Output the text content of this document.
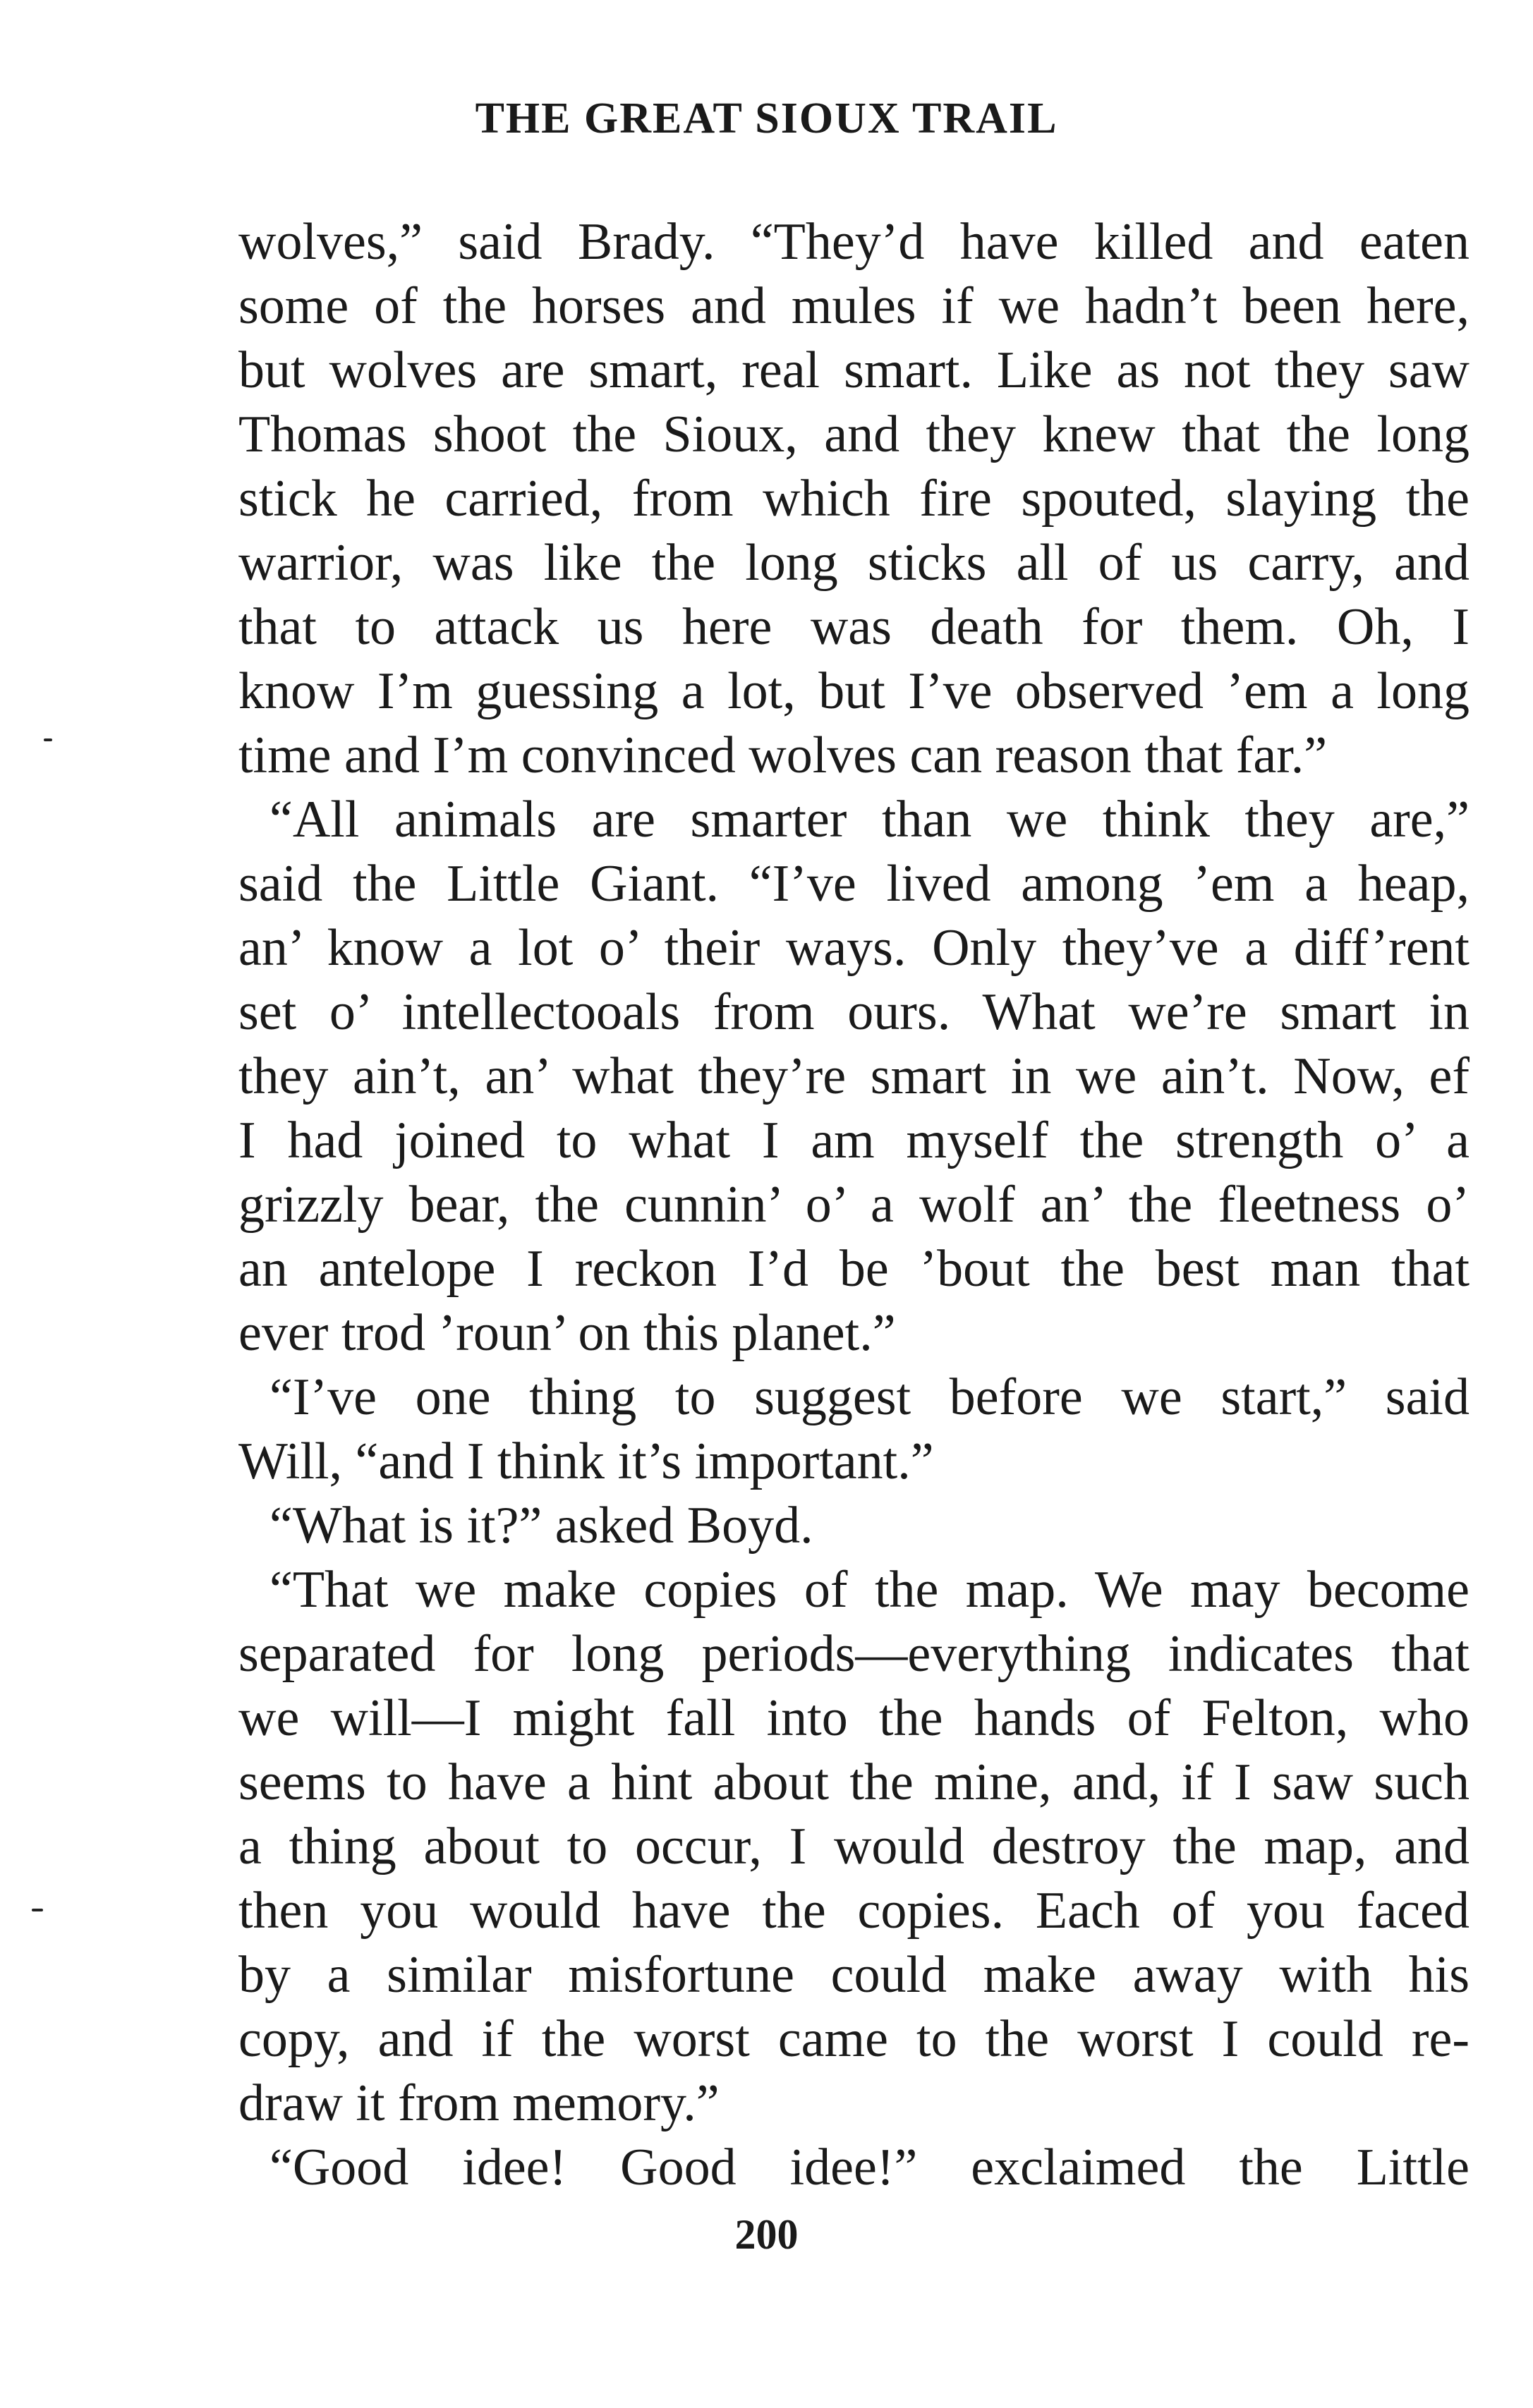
THE GREAT SIOUX TRAIL
wolves,” said Brady. “They’d have killed and eaten
some of the horses and mules if we hadn’t been here,
but wolves are smart, real smart. Like as not they saw
Thomas shoot the Sioux, and they knew that the long
stick he carried, from which fire spouted, slaying the
warrior, was like the long sticks all of us carry, and
that to attack us here was death for them. Oh, I
know I’m guessing a lot, but I’ve observed ’em a long
time and I’m convinced wolves can reason that far.”
“All animals are smarter than we think they are,”
said the Little Giant. “I’ve lived among ’em a heap,
an’ know a lot o’ their ways. Only they’ve a diff’rent
set o’ intellectooals from ours. What we’re smart in
they ain’t, an’ what they’re smart in we ain’t. Now, ef
I had joined to what I am myself the strength o’ a
grizzly bear, the cunnin’ o’ a wolf an’ the fleetness o’
an antelope I reckon I’d be ’bout the best man that
ever trod ’roun’ on this planet.”
“I’ve one thing to suggest before we start,” said
Will, “and I think it’s important.”
“What is it?” asked Boyd.
“That we make copies of the map. We may become
separated for long periods—everything indicates that
we will—I might fall into the hands of Felton, who
seems to have a hint about the mine, and, if I saw such
a thing about to occur, I would destroy the map, and
then you would have the copies. Each of you faced
by a similar misfortune could make away with his
copy, and if the worst came to the worst I could re-
draw it from memory.”
“Good idee! Good idee!” exclaimed the Little
200
